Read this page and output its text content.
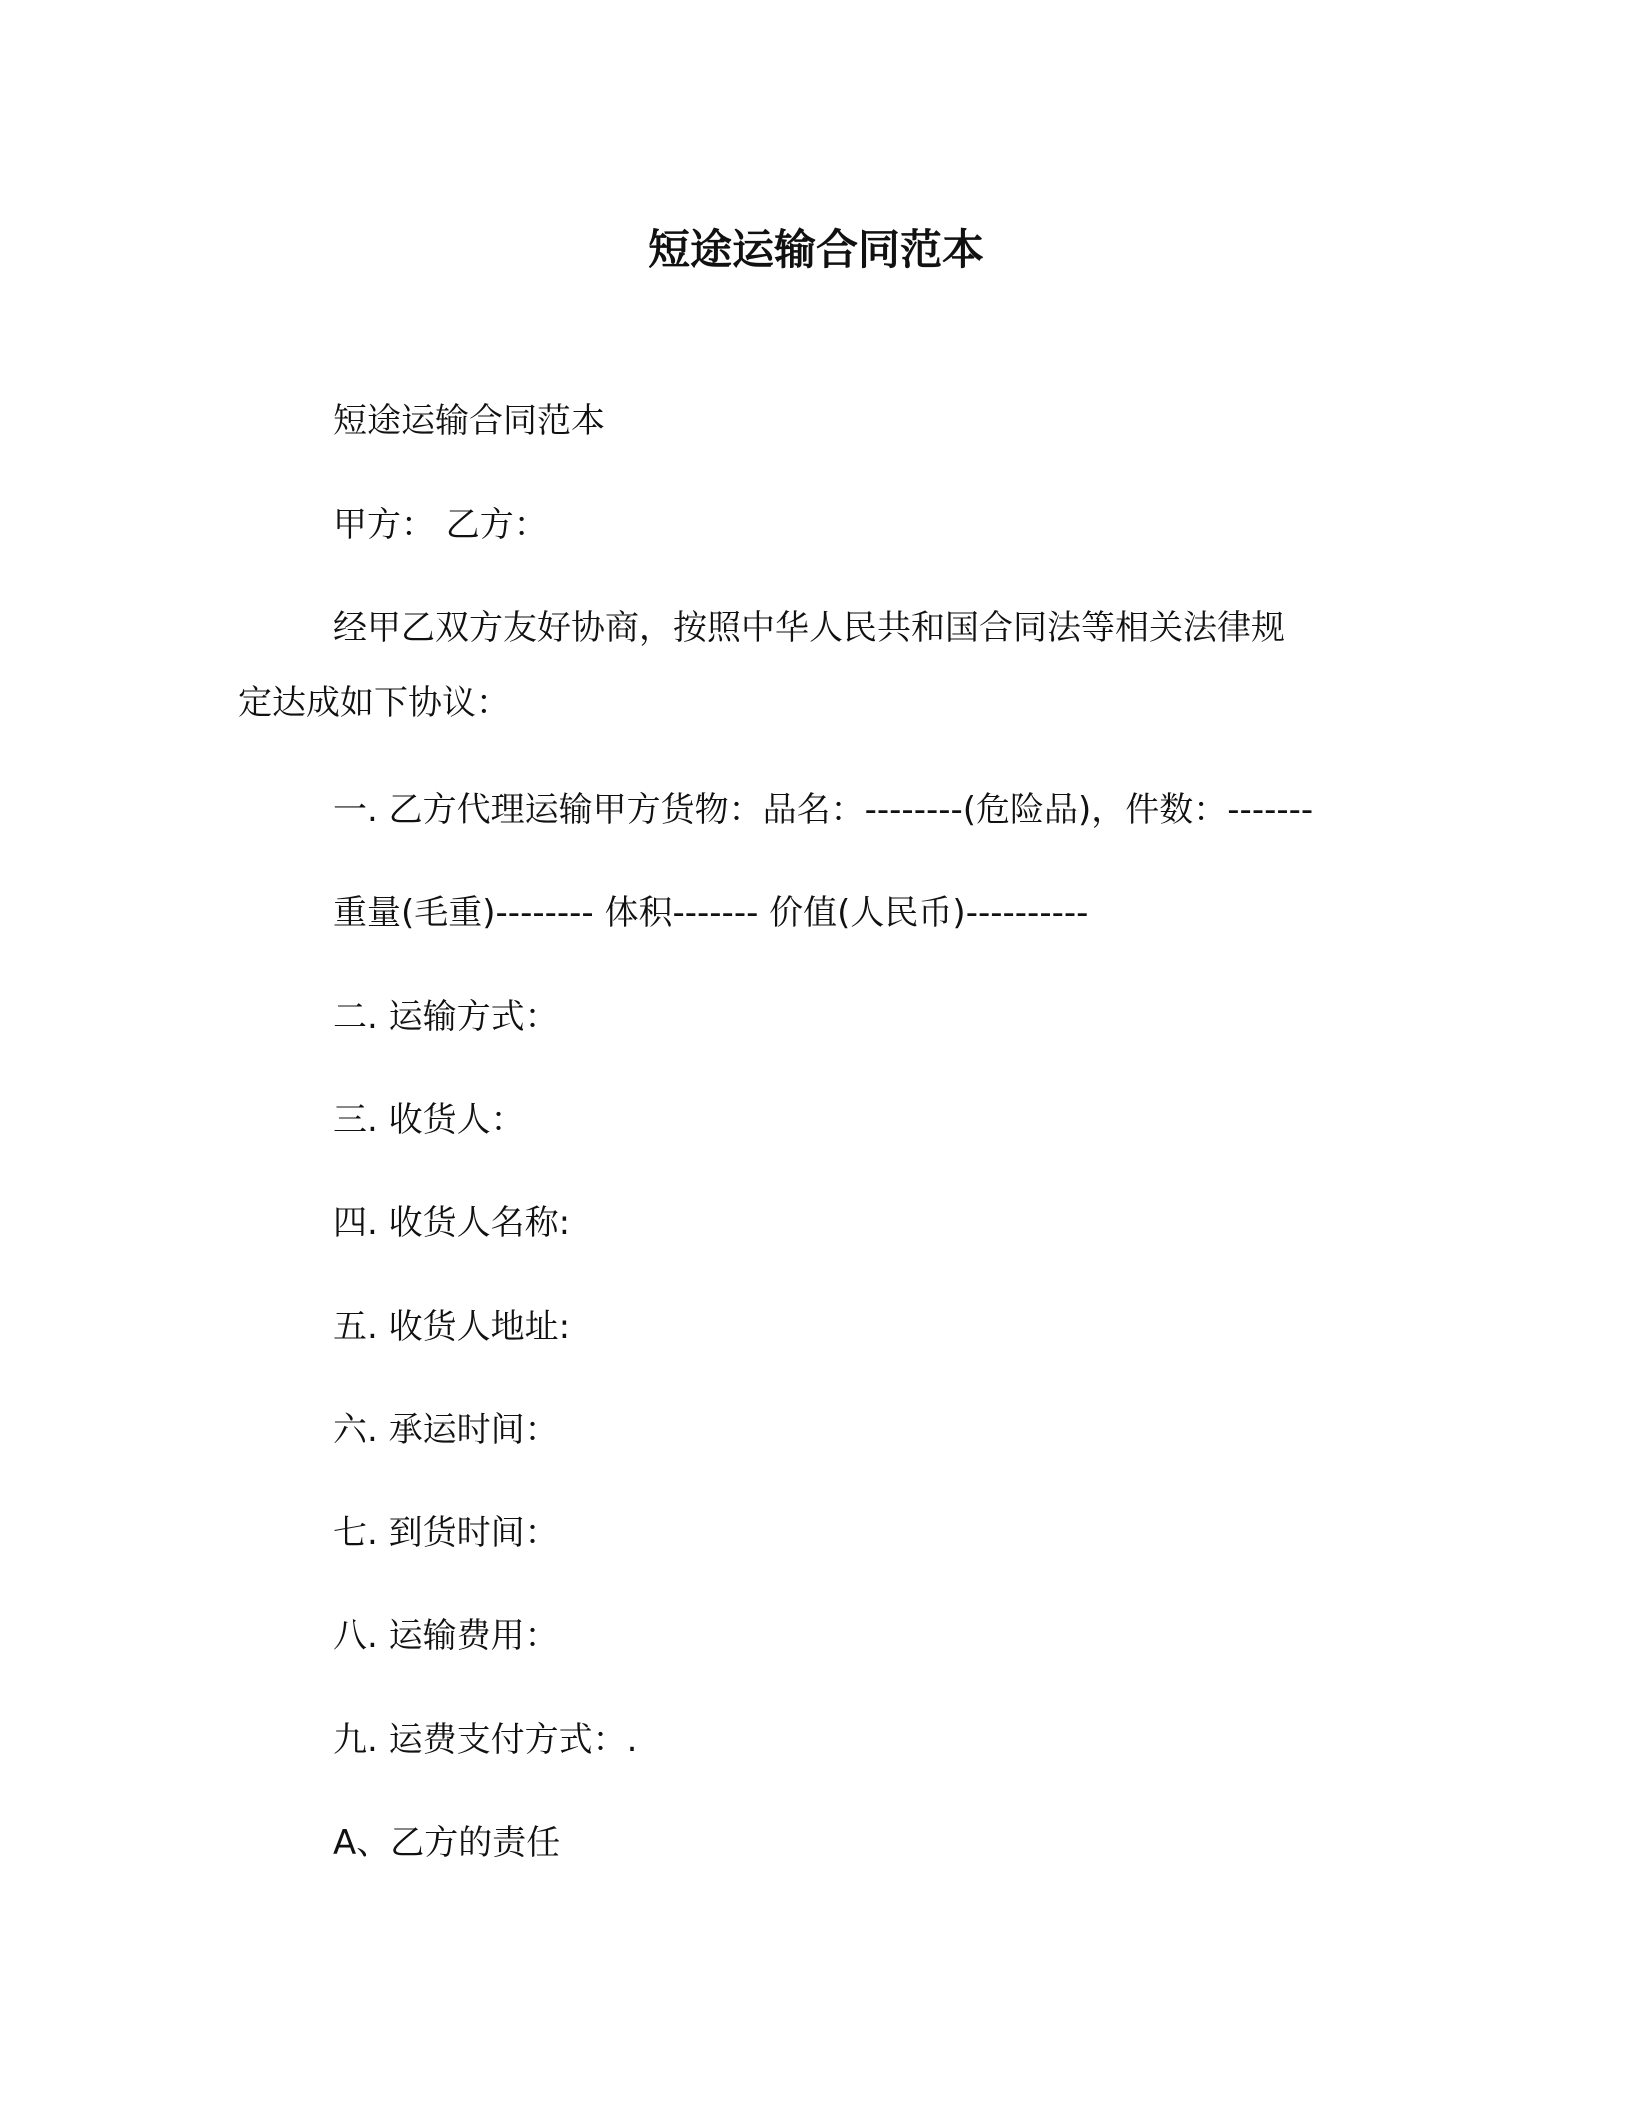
短途运输合同范本
短途运输合同范本
甲方： 乙方：
经甲乙双方友好协商，按照中华人民共和国合同法等相关法律规
定达成如下协议：
一. 乙方代理运输甲方货物：品名：--------(危险品)，件数：-------
重量(毛重)-------- 体积------- 价值(人民币)----------
二. 运输方式：
三. 收货人：
四. 收货人名称:
五. 收货人地址:
六. 承运时间：
七. 到货时间：
八. 运输费用：
九. 运费支付方式：.
A、乙方的责任
